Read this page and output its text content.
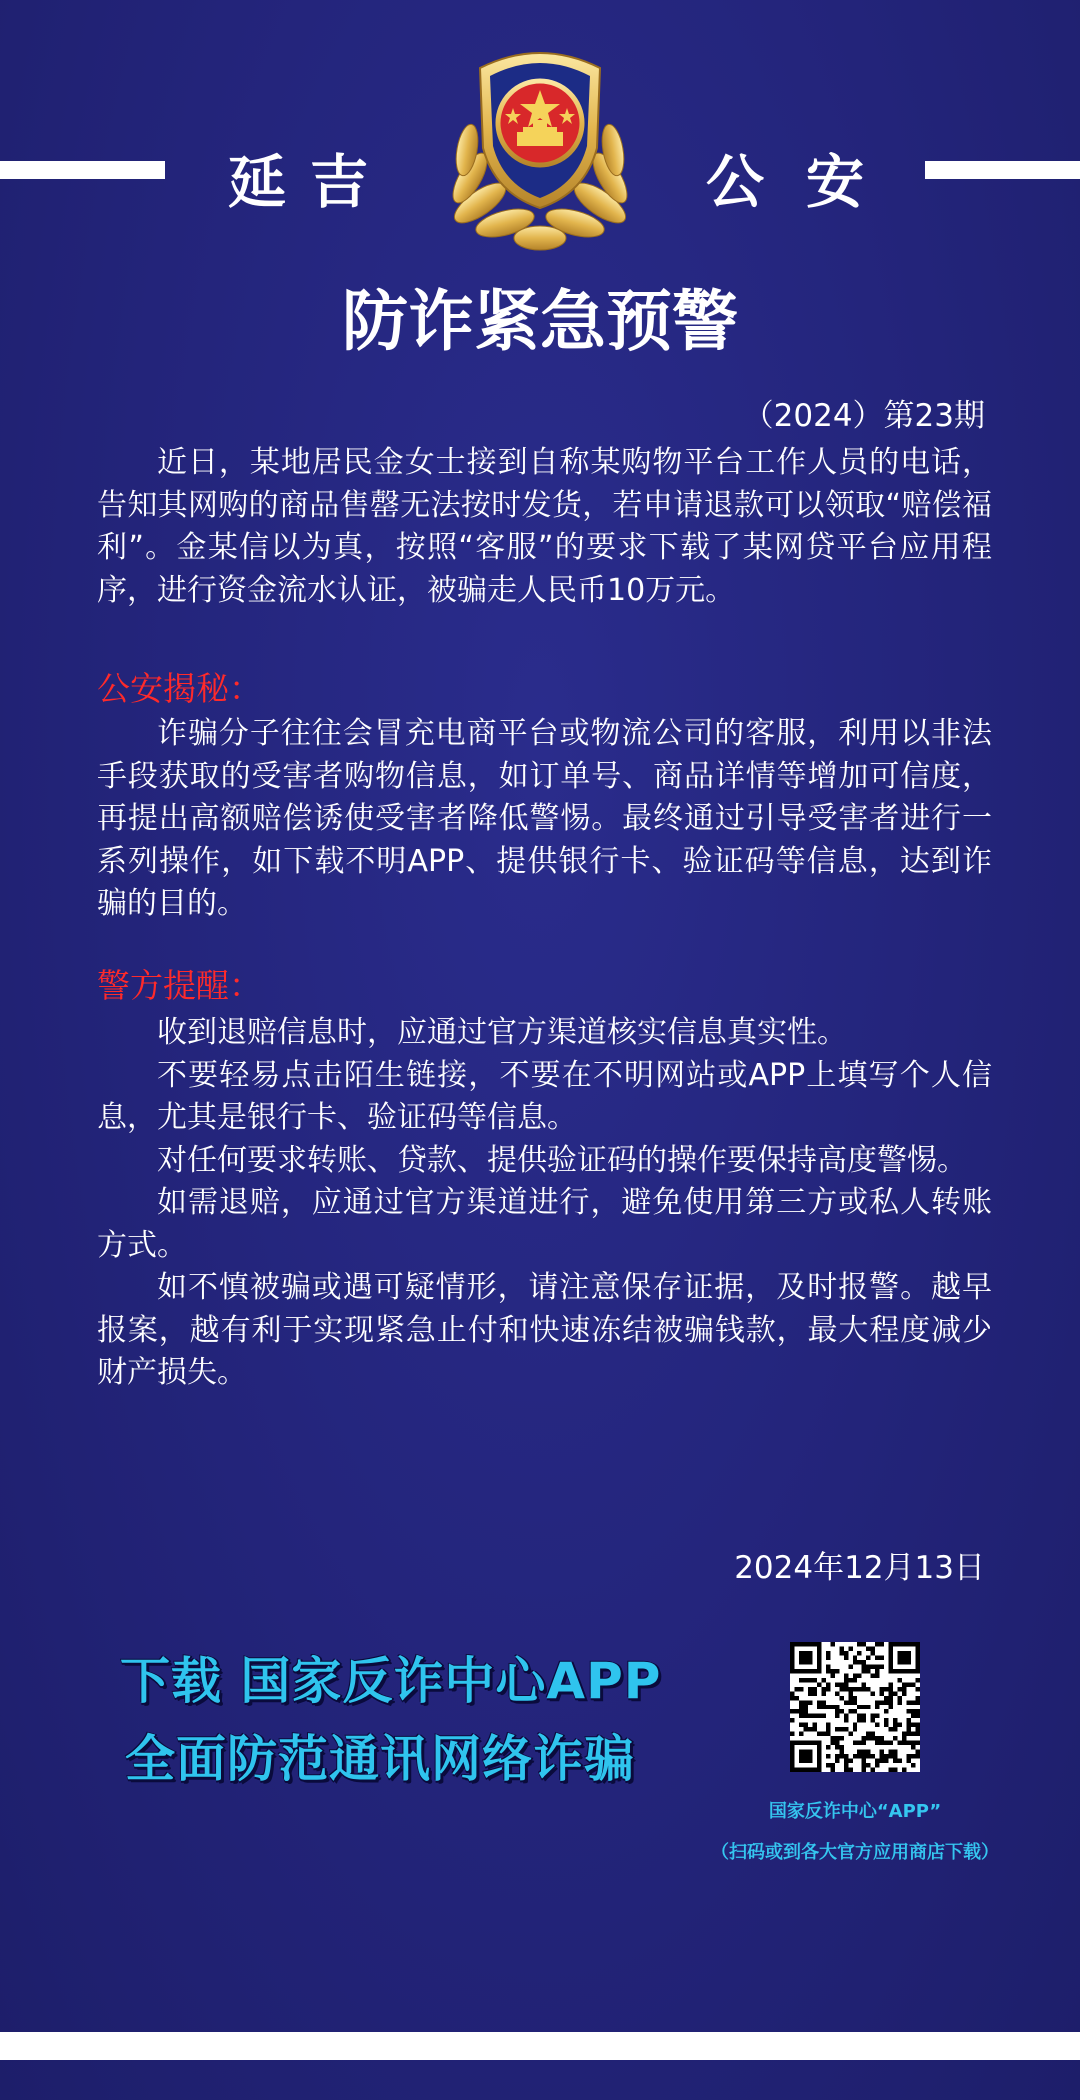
延 吉	公 安
防诈紧急预警
（2024）第23期

近日，某地居民金女士接到自称某购物平台工作人员的电话，告知其网购的商品售罄无法按时发货，若申请退款可以领取“赔偿福利”。金某信以为真，按照“客服”的要求下载了某网贷平台应用程序，进行资金流水认证，被骗走人民币10万元。

公安揭秘：

诈骗分子往往会冒充电商平台或物流公司的客服，利用以非法手段获取的受害者购物信息，如订单号、商品详情等增加可信度，再提出高额赔偿诱使受害者降低警惕。最终通过引导受害者进行一系列操作，如下载不明APP、提供银行卡、验证码等信息，达到诈骗的目的。

警方提醒：

收到退赔信息时，应通过官方渠道核实信息真实性。

不要轻易点击陌生链接，不要在不明网站或APP上填写个人信息，尤其是银行卡、验证码等信息。

对任何要求转账、贷款、提供验证码的操作要保持高度警惕。

如需退赔，应通过官方渠道进行，避免使用第三方或私人转账方式。

如不慎被骗或遇可疑情形，请注意保存证据，及时报警。越早报案，越有利于实现紧急止付和快速冻结被骗钱款，最大程度减少财产损失。

2024年12月13日
下载 国家反诈中心APP
全面防范通讯网络诈骗
国家反诈中心“APP”
（扫码或到各大官方应用商店下载）
